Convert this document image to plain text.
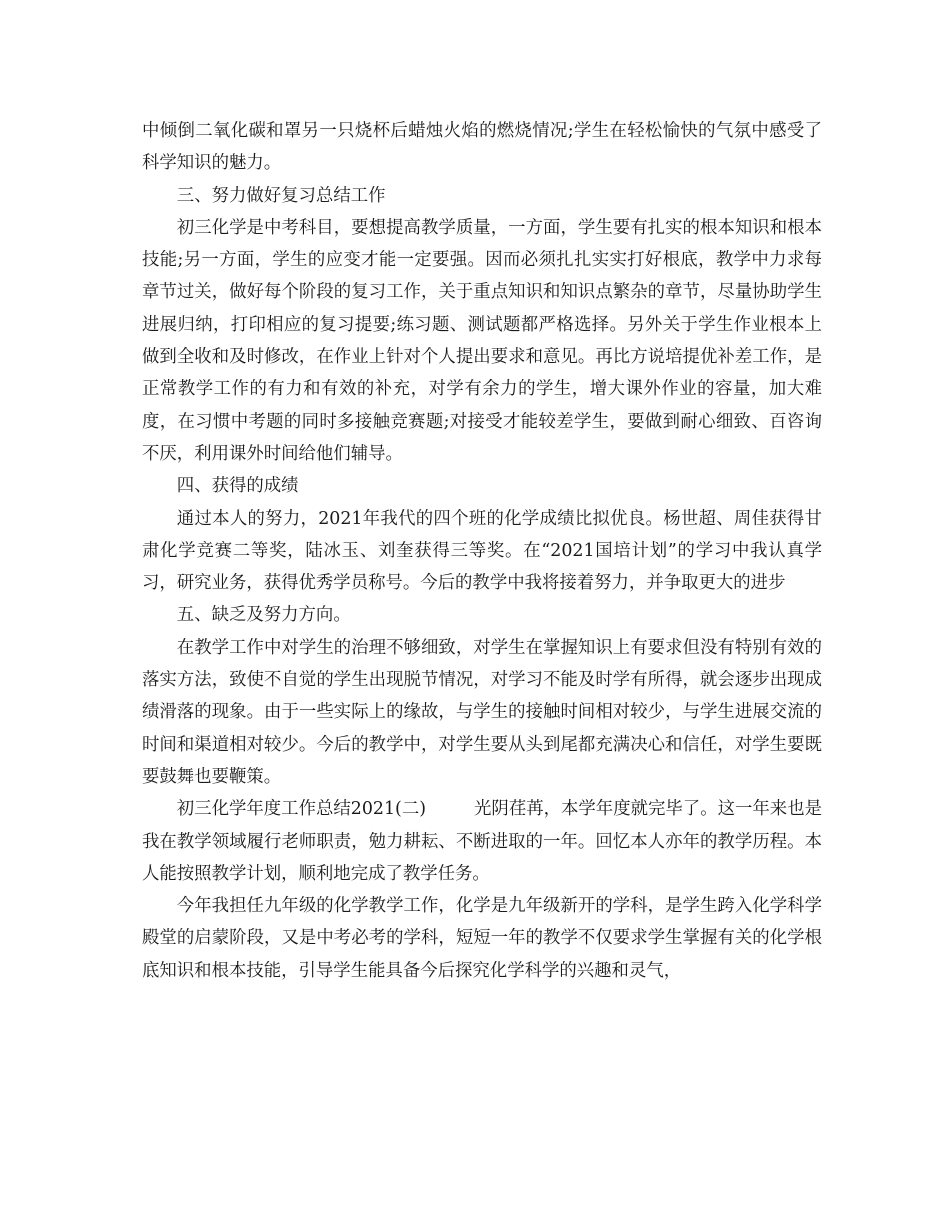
中倾倒二氧化碳和罩另一只烧杯后蜡烛火焰的燃烧情况;学生在轻松愉快的气氛中感受了科学知识的魅力。

三、努力做好复习总结工作

初三化学是中考科目，要想提高教学质量，一方面，学生要有扎实的根本知识和根本技能;另一方面，学生的应变才能一定要强。因而必须扎扎实实打好根底，教学中力求每章节过关，做好每个阶段的复习工作，关于重点知识和知识点繁杂的章节，尽量协助学生进展归纳，打印相应的复习提要;练习题、测试题都严格选择。另外关于学生作业根本上做到全收和及时修改，在作业上针对个人提出要求和意见。再比方说培提优补差工作，是正常教学工作的有力和有效的补充，对学有余力的学生，增大课外作业的容量，加大难度，在习惯中考题的同时多接触竞赛题;对接受才能较差学生，要做到耐心细致、百咨询不厌，利用课外时间给他们辅导。

四、获得的成绩

通过本人的努力，2021年我代的四个班的化学成绩比拟优良。杨世超、周佳获得甘肃化学竞赛二等奖，陆冰玉、刘奎获得三等奖。在“2021国培计划”的学习中我认真学习，研究业务，获得优秀学员称号。今后的教学中我将接着努力，并争取更大的进步

五、缺乏及努力方向。

在教学工作中对学生的治理不够细致，对学生在掌握知识上有要求但没有特别有效的落实方法，致使不自觉的学生出现脱节情况，对学习不能及时学有所得，就会逐步出现成绩滑落的现象。由于一些实际上的缘故，与学生的接触时间相对较少，与学生进展交流的时间和渠道相对较少。今后的教学中，对学生要从头到尾都充满决心和信任，对学生要既要鼓舞也要鞭策。

初三化学年度工作总结2021(二)	光阴荏苒，本学年度就完毕了。这一年来也是我在教学领域履行老师职责，勉力耕耘、不断进取的一年。回忆本人亦年的教学历程。本人能按照教学计划，顺利地完成了教学任务。

今年我担任九年级的化学教学工作，化学是九年级新开的学科，是学生跨入化学科学殿堂的启蒙阶段，又是中考必考的学科，短短一年的教学不仅要求学生掌握有关的化学根底知识和根本技能，引导学生能具备今后探究化学科学的兴趣和灵气，
